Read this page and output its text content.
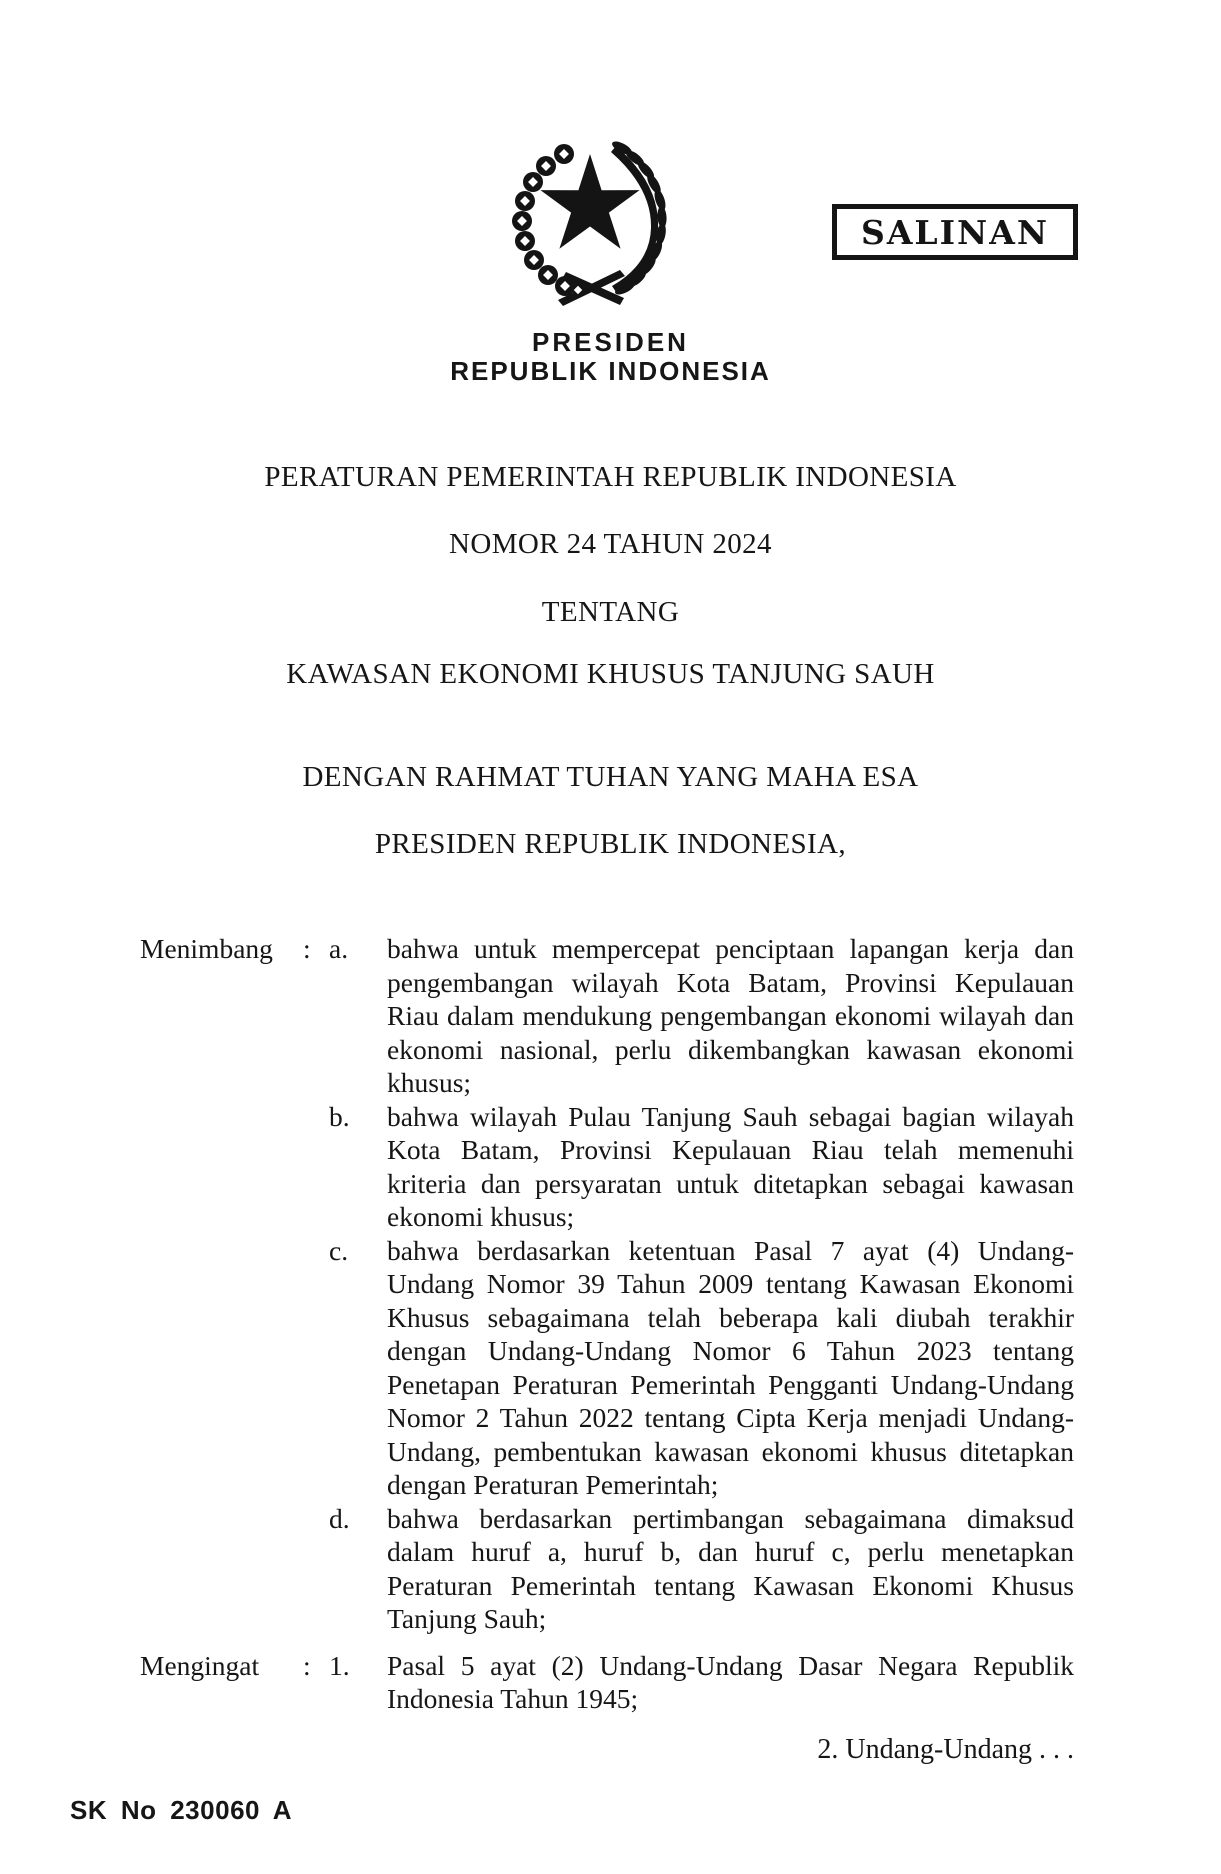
SALINAN
PRESIDEN
REPUBLIK INDONESIA
PERATURAN PEMERINTAH REPUBLIK INDONESIA
NOMOR 24 TAHUN 2024
TENTANG
KAWASAN EKONOMI KHUSUS TANJUNG SAUH
DENGAN RAHMAT TUHAN YANG MAHA ESA
PRESIDEN REPUBLIK INDONESIA,
Menimbang	: a.	bahwa untuk mempercepat penciptaan lapangan kerja dan pengembangan wilayah Kota Batam, Provinsi Kepulauan Riau dalam mendukung pengembangan ekonomi wilayah dan ekonomi nasional, perlu dikembangkan kawasan ekonomi khusus;
b.	bahwa wilayah Pulau Tanjung Sauh sebagai bagian wilayah Kota Batam, Provinsi Kepulauan Riau telah memenuhi kriteria dan persyaratan untuk ditetapkan sebagai kawasan ekonomi khusus;
c.	bahwa berdasarkan ketentuan Pasal 7 ayat (4) Undang-Undang Nomor 39 Tahun 2009 tentang Kawasan Ekonomi Khusus sebagaimana telah beberapa kali diubah terakhir dengan Undang-Undang Nomor 6 Tahun 2023 tentang Penetapan Peraturan Pemerintah Pengganti Undang-Undang Nomor 2 Tahun 2022 tentang Cipta Kerja menjadi Undang-Undang, pembentukan kawasan ekonomi khusus ditetapkan dengan Peraturan Pemerintah;
d.	bahwa berdasarkan pertimbangan sebagaimana dimaksud dalam huruf a, huruf b, dan huruf c, perlu menetapkan Peraturan Pemerintah tentang Kawasan Ekonomi Khusus Tanjung Sauh;
Mengingat	: 1.	Pasal 5 ayat (2) Undang-Undang Dasar Negara Republik Indonesia Tahun 1945;
2. Undang-Undang . . .
SK No 230060 A
